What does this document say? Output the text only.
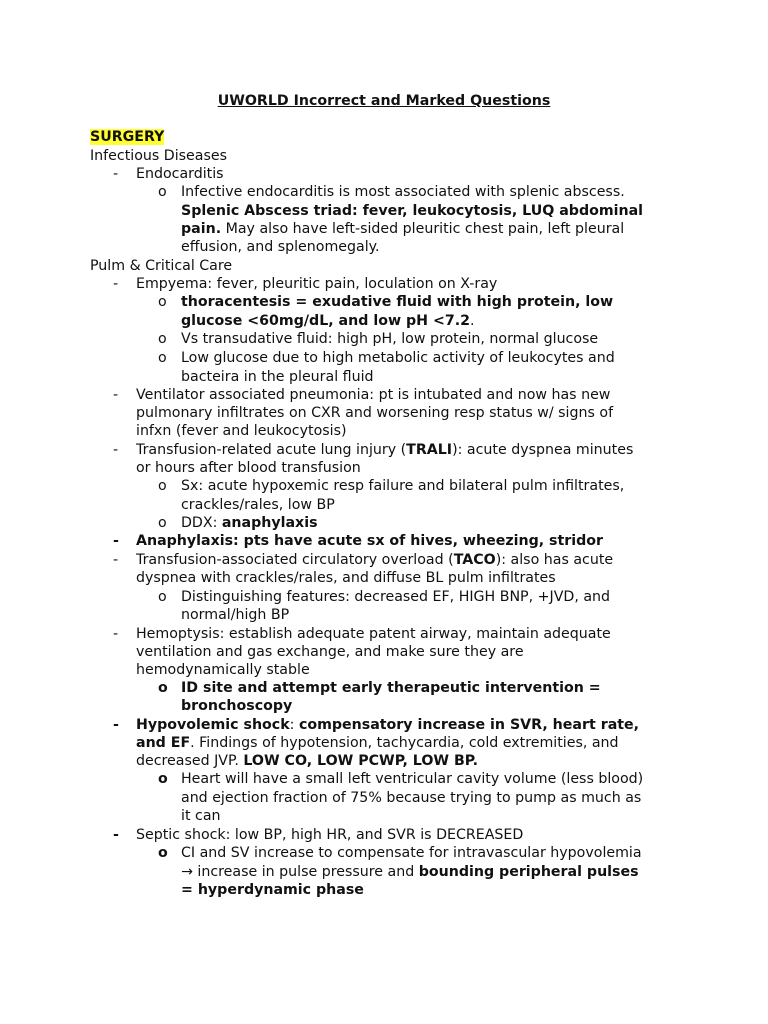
UWORLD Incorrect and Marked Questions
SURGERY
Infectious Diseases
- Endocarditis
o Infective endocarditis is most associated with splenic abscess.
Splenic Abscess triad: fever, leukocytosis, LUQ abdominal
pain. May also have left-sided pleuritic chest pain, left pleural
effusion, and splenomegaly.
Pulm & Critical Care
- Empyema: fever, pleuritic pain, loculation on X-ray
o thoracentesis = exudative fluid with high protein, low
glucose <60mg/dL, and low pH <7.2.
o Vs transudative fluid: high pH, low protein, normal glucose
o Low glucose due to high metabolic activity of leukocytes and
bacteira in the pleural fluid
- Ventilator associated pneumonia: pt is intubated and now has new
pulmonary infiltrates on CXR and worsening resp status w/ signs of
infxn (fever and leukocytosis)
- Transfusion-related acute lung injury (TRALI): acute dyspnea minutes
or hours after blood transfusion
o Sx: acute hypoxemic resp failure and bilateral pulm infiltrates,
crackles/rales, low BP
o DDX: anaphylaxis
- Anaphylaxis: pts have acute sx of hives, wheezing, stridor
- Transfusion-associated circulatory overload (TACO): also has acute
dyspnea with crackles/rales, and diffuse BL pulm infiltrates
o Distinguishing features: decreased EF, HIGH BNP, +JVD, and
normal/high BP
- Hemoptysis: establish adequate patent airway, maintain adequate
ventilation and gas exchange, and make sure they are
hemodynamically stable
o ID site and attempt early therapeutic intervention =
bronchoscopy
- Hypovolemic shock: compensatory increase in SVR, heart rate,
and EF. Findings of hypotension, tachycardia, cold extremities, and
decreased JVP. LOW CO, LOW PCWP, LOW BP.
o Heart will have a small left ventricular cavity volume (less blood)
and ejection fraction of 75% because trying to pump as much as
it can
- Septic shock: low BP, high HR, and SVR is DECREASED
o CI and SV increase to compensate for intravascular hypovolemia
→ increase in pulse pressure and bounding peripheral pulses
= hyperdynamic phase
